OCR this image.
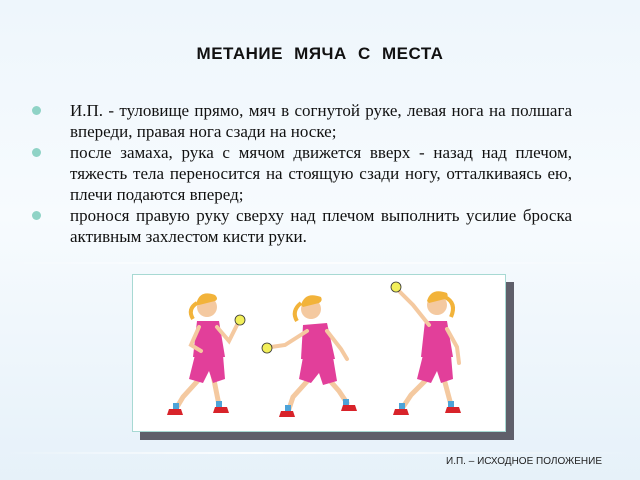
МЕТАНИЕ МЯЧА С МЕСТА
И.П. - туловище прямо, мяч в согнутой руке, левая нога на полшага впереди, правая нога сзади на носке;
после замаха, рука с мячом движется вверх - назад над плечом, тяжесть тела переносится на стоящую сзади ногу, отталкиваясь ею, плечи подаются вперед;
пронося правую руку сверху над плечом выполнить усилие броска активным захлестом кисти руки.
И.П. – ИСХОДНОЕ ПОЛОЖЕНИЕ
